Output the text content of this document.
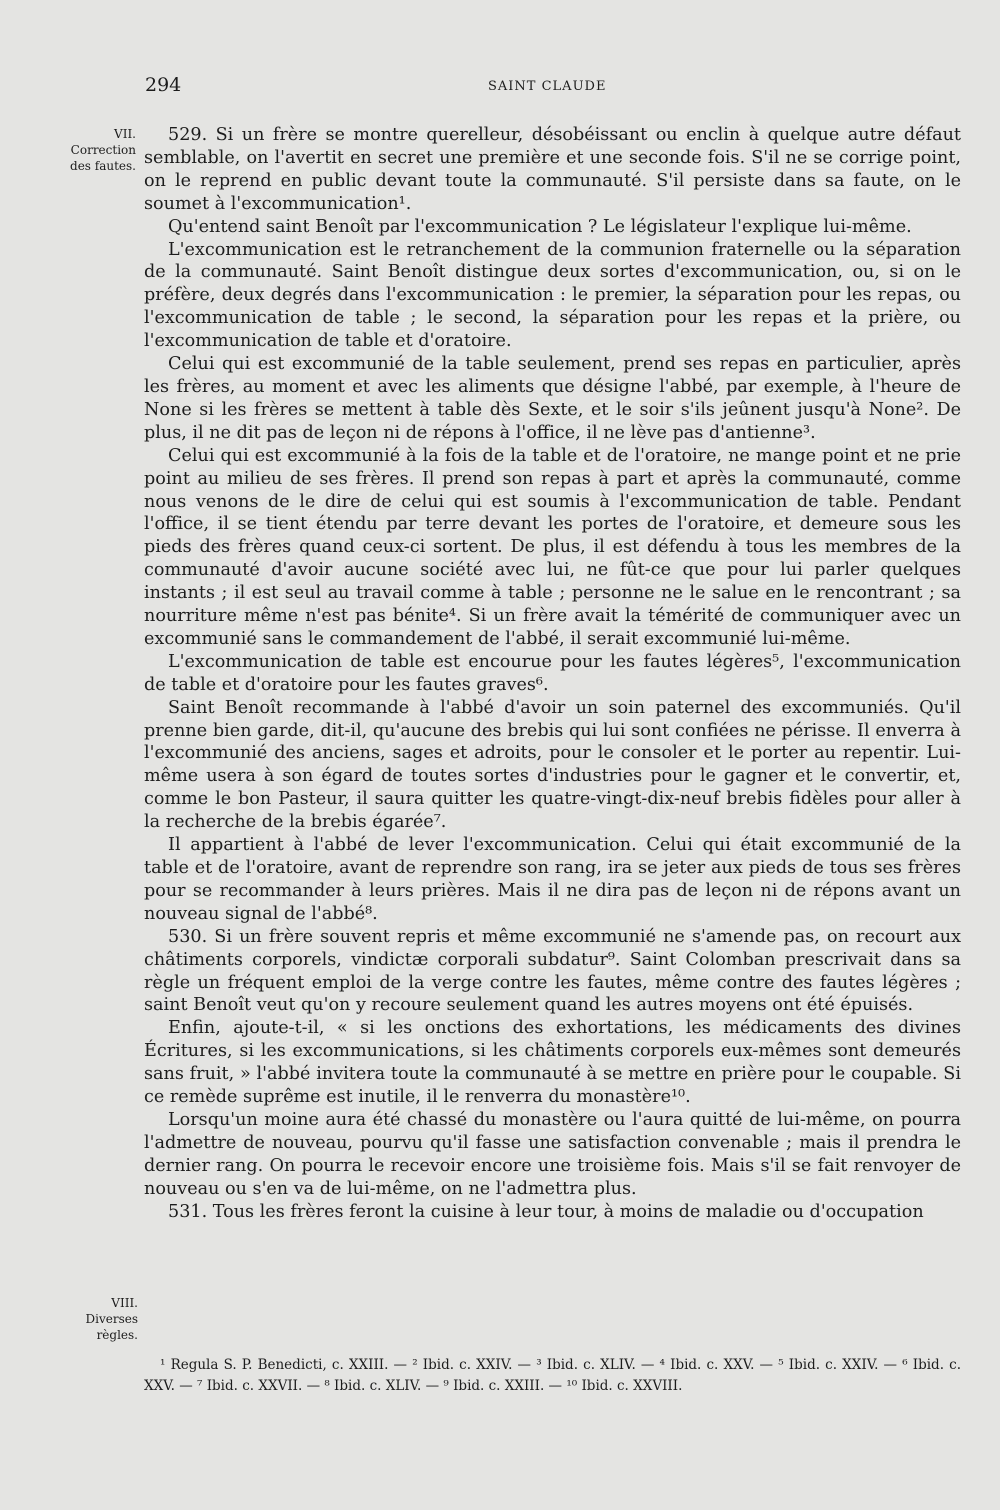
294	SAINT CLAUDE
VII. Correction des fautes.
VIII. Diverses règles.

529. Si un frère se montre querelleur, désobéissant ou enclin à quelque autre défaut semblable, on l'avertit en secret une première et une seconde fois. S'il ne se corrige point, on le reprend en public devant toute la communauté. S'il persiste dans sa faute, on le soumet à l'excommunication¹.

Qu'entend saint Benoît par l'excommunication ? Le législateur l'explique lui-même.

L'excommunication est le retranchement de la communion fraternelle ou la séparation de la communauté. Saint Benoît distingue deux sortes d'excommunication, ou, si on le préfère, deux degrés dans l'excommunication : le premier, la séparation pour les repas, ou l'excommunication de table ; le second, la séparation pour les repas et la prière, ou l'excommunication de table et d'oratoire.

Celui qui est excommunié de la table seulement, prend ses repas en particulier, après les frères, au moment et avec les aliments que désigne l'abbé, par exemple, à l'heure de None si les frères se mettent à table dès Sexte, et le soir s'ils jeûnent jusqu'à None². De plus, il ne dit pas de leçon ni de répons à l'office, il ne lève pas d'antienne³.

Celui qui est excommunié à la fois de la table et de l'oratoire, ne mange point et ne prie point au milieu de ses frères. Il prend son repas à part et après la communauté, comme nous venons de le dire de celui qui est soumis à l'excommunication de table. Pendant l'office, il se tient étendu par terre devant les portes de l'oratoire, et demeure sous les pieds des frères quand ceux-ci sortent. De plus, il est défendu à tous les membres de la communauté d'avoir aucune société avec lui, ne fût-ce que pour lui parler quelques instants ; il est seul au travail comme à table ; personne ne le salue en le rencontrant ; sa nourriture même n'est pas bénite⁴. Si un frère avait la témérité de communiquer avec un excommunié sans le commandement de l'abbé, il serait excommunié lui-même.

L'excommunication de table est encourue pour les fautes légères⁵, l'excommunication de table et d'oratoire pour les fautes graves⁶.

Saint Benoît recommande à l'abbé d'avoir un soin paternel des excommuniés. Qu'il prenne bien garde, dit-il, qu'aucune des brebis qui lui sont confiées ne périsse. Il enverra à l'excommunié des anciens, sages et adroits, pour le consoler et le porter au repentir. Lui-même usera à son égard de toutes sortes d'industries pour le gagner et le convertir, et, comme le bon Pasteur, il saura quitter les quatre-vingt-dix-neuf brebis fidèles pour aller à la recherche de la brebis égarée⁷.

Il appartient à l'abbé de lever l'excommunication. Celui qui était excommunié de la table et de l'oratoire, avant de reprendre son rang, ira se jeter aux pieds de tous ses frères pour se recommander à leurs prières. Mais il ne dira pas de leçon ni de répons avant un nouveau signal de l'abbé⁸.

530. Si un frère souvent repris et même excommunié ne s'amende pas, on recourt aux châtiments corporels, vindictæ corporali subdatur⁹. Saint Colomban prescrivait dans sa règle un fréquent emploi de la verge contre les fautes, même contre des fautes légères ; saint Benoît veut qu'on y recoure seulement quand les autres moyens ont été épuisés.

Enfin, ajoute-t-il, « si les onctions des exhortations, les médicaments des divines Écritures, si les excommunications, si les châtiments corporels eux-mêmes sont demeurés sans fruit, » l'abbé invitera toute la communauté à se mettre en prière pour le coupable. Si ce remède suprême est inutile, il le renverra du monastère¹⁰.

Lorsqu'un moine aura été chassé du monastère ou l'aura quitté de lui-même, on pourra l'admettre de nouveau, pourvu qu'il fasse une satisfaction convenable ; mais il prendra le dernier rang. On pourra le recevoir encore une troisième fois. Mais s'il se fait renvoyer de nouveau ou s'en va de lui-même, on ne l'admettra plus.

531. Tous les frères feront la cuisine à leur tour, à moins de maladie ou d'occupation

¹ Regula S. P. Benedicti, c. XXIII. — ² Ibid. c. XXIV. — ³ Ibid. c. XLIV. — ⁴ Ibid. c. XXV. — ⁵ Ibid. c. XXIV. — ⁶ Ibid. c. XXV. — ⁷ Ibid. c. XXVII. — ⁸ Ibid. c. XLIV. — ⁹ Ibid. c. XXIII. — ¹⁰ Ibid. c. XXVIII.
